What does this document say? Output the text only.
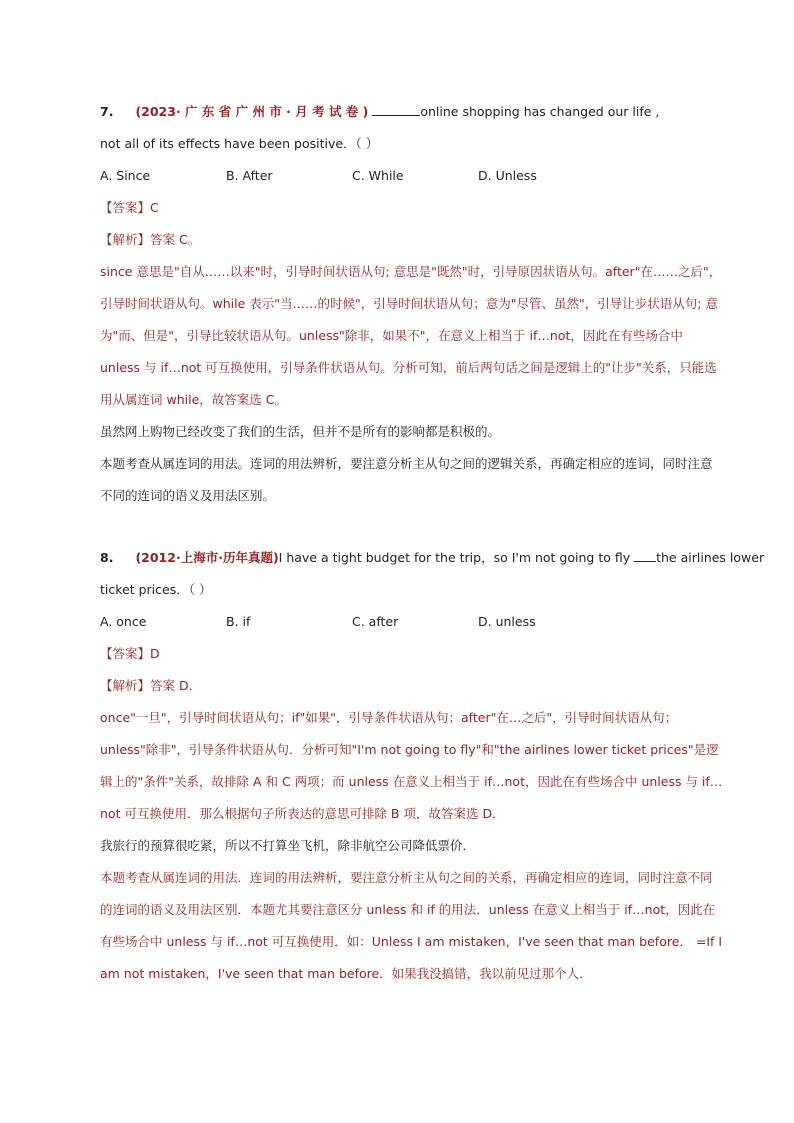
7. (2023· 广 东 省 广 州 市 · 月 考 试 卷 )	online shopping has changed our life ,
not all of its effects have been positive．（ ）
A. Since	B. After	C. While	D. Unless
【答案】C
【解析】答案 C。
since 意思是"自从……以来"时，引导时间状语从句; 意思是"既然"时，引导原因状语从句。after"在……之后"，引导时间状语从句。while 表示"当……的时候"，引导时间状语从句；意为"尽管、虽然"，引导让步状语从句; 意为"而、但是"，引导比较状语从句。unless"除非，如果不"，在意义上相当于 if…not，因此在有些场合中 unless 与 if…not 可互换使用，引导条件状语从句。分析可知，前后两句话之间是逻辑上的"让步"关系，只能选用从属连词 while，故答案选 C。
虽然网上购物已经改变了我们的生活，但并不是所有的影响都是积极的。
本题考查从属连词的用法。连词的用法辨析，要注意分析主从句之间的逻辑关系，再确定相应的连词，同时注意不同的连词的语义及用法区别。
8. (2012·上海市·历年真题)I have a tight budget for the trip，so I'm not going to fly the airlines lower
ticket prices．（ ）
A. once	B. if	C. after	D. unless
【答案】D
【解析】答案 D．
once"一旦"，引导时间状语从句；if"如果"，引导条件状语从句；after"在…之后"，引导时间状语从句；unless"除非"，引导条件状语从句．分析可知"I'm not going to fly"和"the airlines lower ticket prices"是逻辑上的"条件"关系，故排除 A 和 C 两项；而 unless 在意义上相当于 if…not，因此在有些场合中 unless 与 if…not 可互换使用．那么根据句子所表达的意思可排除 B 项，故答案选 D．
我旅行的预算很吃紧，所以不打算坐飞机，除非航空公司降低票价．
本题考查从属连词的用法．连词的用法辨析，要注意分析主从句之间的关系，再确定相应的连词，同时注意不同的连词的语义及用法区别．本题尤其要注意区分 unless 和 if 的用法．unless 在意义上相当于 if…not，因此在有些场合中 unless 与 if…not 可互换使用．如：Unless I am mistaken，I've seen that man before． =If I am not mistaken，I've seen that man before．如果我没搞错，我以前见过那个人．
